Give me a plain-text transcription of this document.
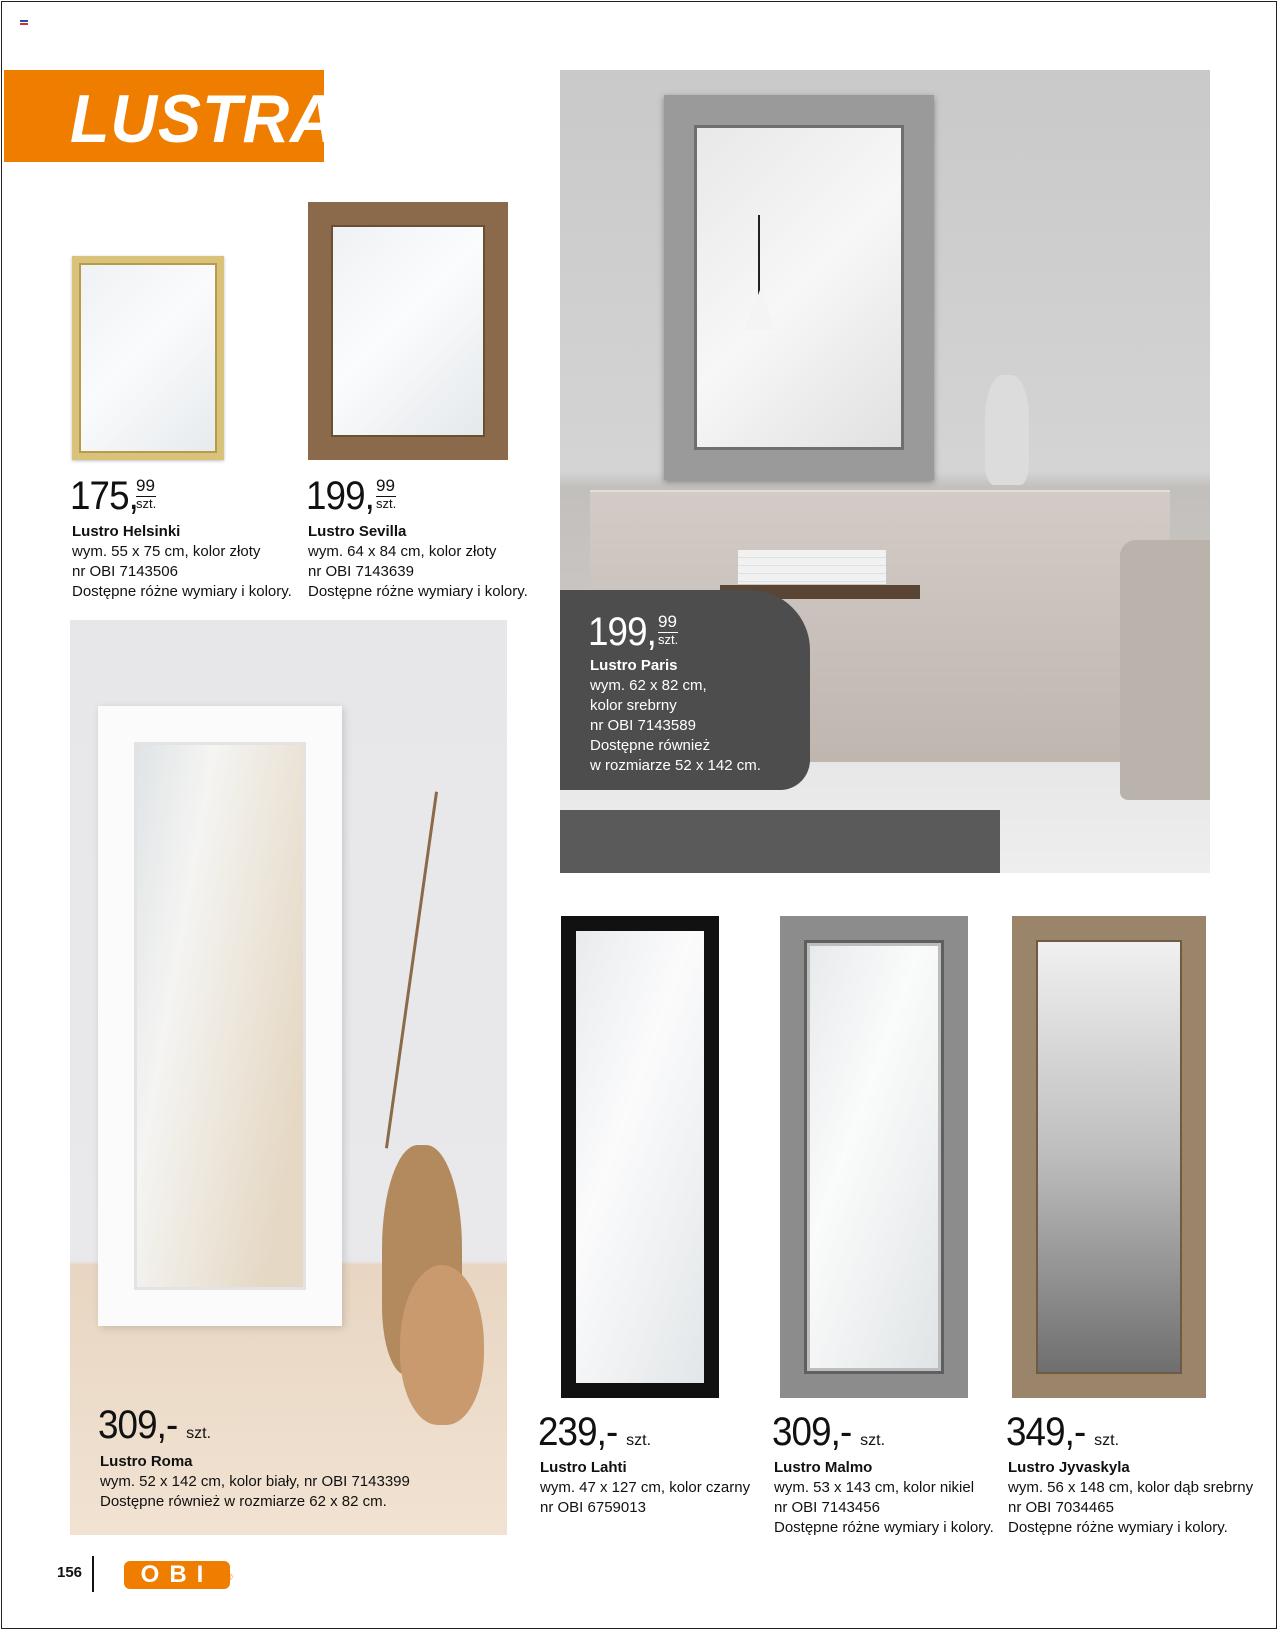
LUSTRA
175,
99
szt.
Lustro Helsinki
wym. 55 x 75 cm, kolor złoty
nr OBI 7143506
Dostępne różne wymiary i kolory.
199, 99
szt.
Lustro Sevilla
wym. 64 x 84 cm, kolor złoty
nr OBI 7143639
Dostępne różne wymiary i kolory.
199, 99
szt.
Lustro Paris
wym. 62 x 82 cm,
kolor srebrny
nr OBI 7143589
Dostępne również
w rozmiarze 52 x 142 cm.
309,- szt.
Lustro Roma
wym. 52 x 142 cm, kolor biały, nr OBI 7143399
Dostępne również w rozmiarze 62 x 82 cm.
239,- szt.
Lustro Lahti
wym. 47 x 127 cm, kolor czarny
nr OBI 6759013
309,- szt.
Lustro Malmo
wym. 53 x 143 cm, kolor nikiel
nr OBI 7143456
Dostępne różne wymiary i kolory.
349,- szt.
Lustro Jyvaskyla
wym. 56 x 148 cm, kolor dąb srebrny
nr OBI 7034465
Dostępne różne wymiary i kolory.
156	OBI	®
